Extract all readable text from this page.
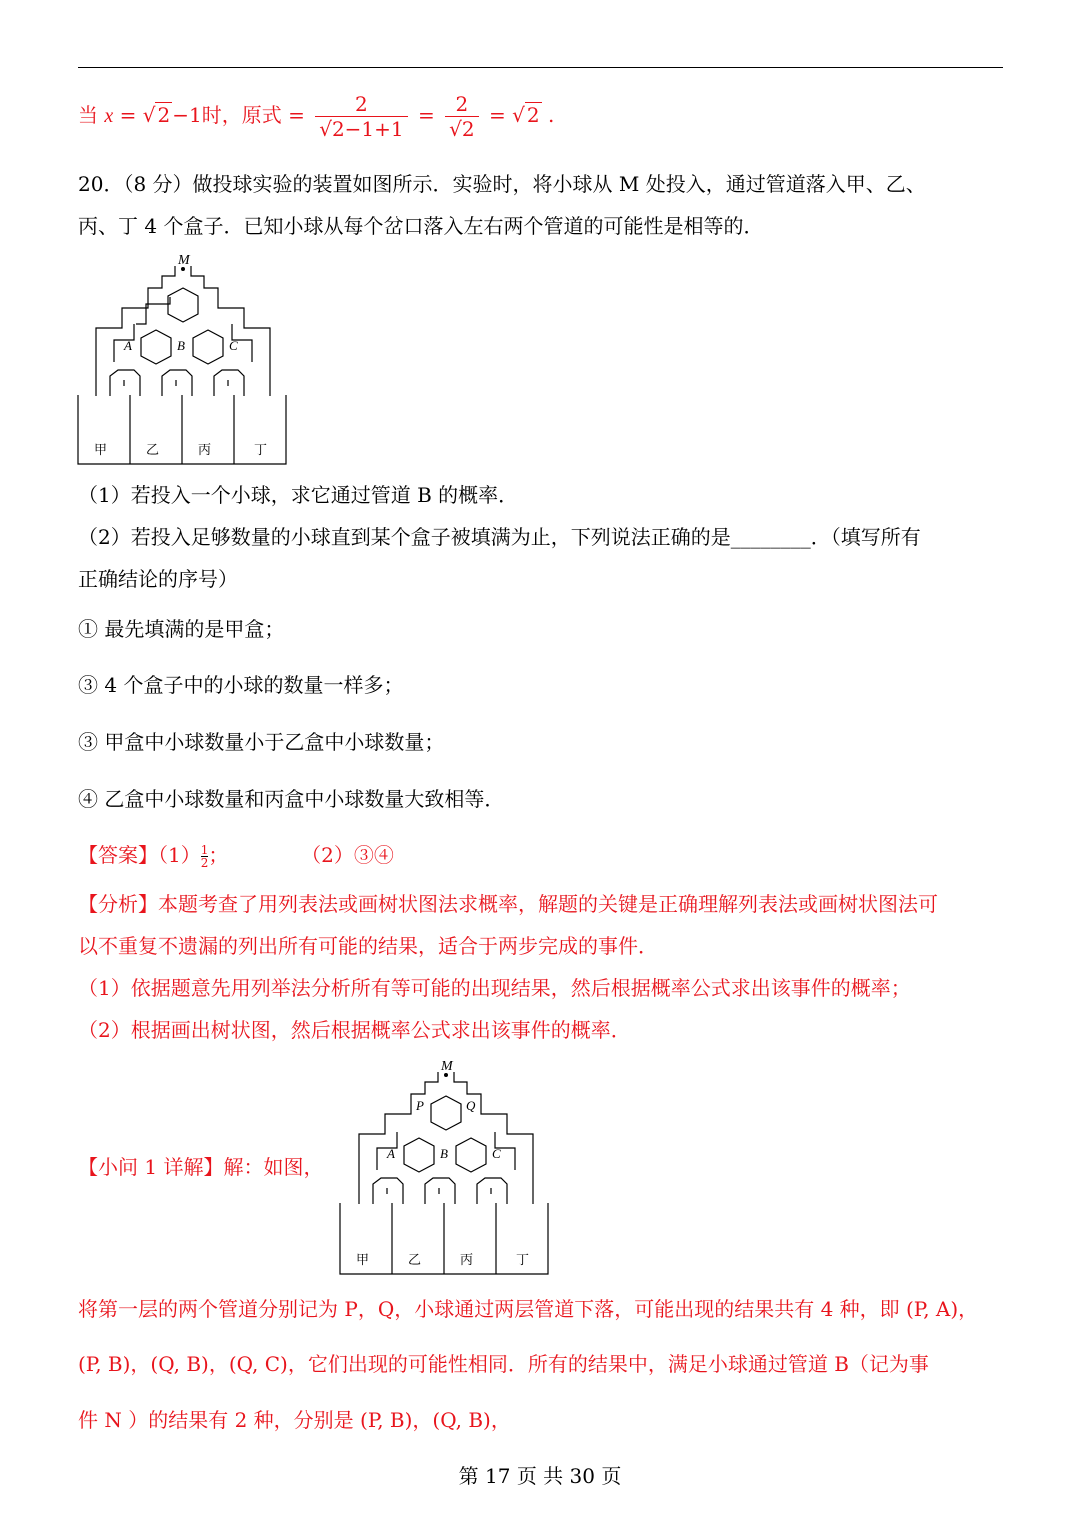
当 x = √ 2 −1时，原式 = $\frac{2}{√2-1+1} = \frac{2}{√2}$ = √ 2 .
20．（8 分）做投球实验的装置如图所示．实验时，将小球从 M 处投入，通过管道落入甲、乙、
丙、丁 4 个盒子．已知小球从每个岔口落入左右两个管道的可能性是相等的．
M
A	B	C
甲	乙	丙	丁
（1）若投入一个小球，求它通过管道 B 的概率．
（2）若投入足够数量的小球直到某个盒子被填满为止，下列说法正确的是________．（填写所有
正确结论的序号）
① 最先填满的是甲盒；
③ 4 个盒子中的小球的数量一样多；
③ 甲盒中小球数量小于乙盒中小球数量；
④ 乙盒中小球数量和丙盒中小球数量大致相等．
【答案】$(1) \frac{1}{2}$ ；	（2）③④
【分析】本题考查了用列表法或画树状图法求概率，解题的关键是正确理解列表法或画树状图法可
以不重复不遗漏的列出所有可能的结果，适合于两步完成的事件．
（1）依据题意先用列举法分析所有等可能的出现结果，然后根据概率公式求出该事件的概率；
（2）根据画出树状图，然后根据概率公式求出该事件的概率．
【小问 1 详解】解：如图，
M
P	Q
A	B	C
甲	乙	丙	丁
将第一层的两个管道分别记为 P，Q，小球通过两层管道下落，可能出现的结果共有 4 种，即 (P, A)，
(P, B)，(Q, B)，(Q, C)，它们出现的可能性相同．所有的结果中，满足小球通过管道 B（记为事
件 N ）的结果有 2 种，分别是 (P, B)，(Q, B)，
第 17 页 共 30 页
